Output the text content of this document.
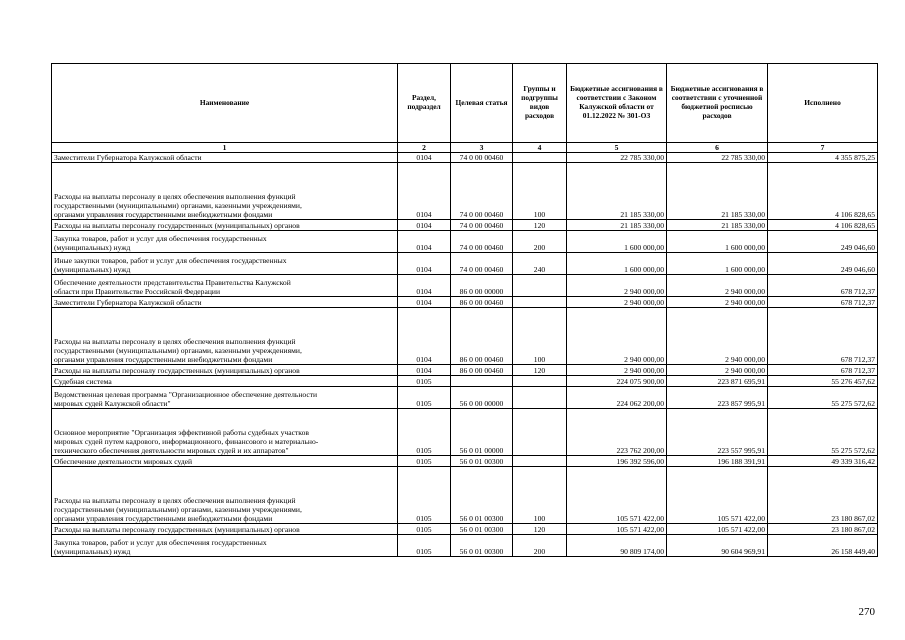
Наименование	Раздел, подраздел	Целевая статья	Группы и подгруппы видов расходов	Бюджетные ассигнования в соответствии с Законом Калужской области от 01.12.2022 № 301-ОЗ	Бюджетные ассигнования в соответствии с уточненной бюджетной росписью расходов	Исполнено
1	2	3	4	5	6	7
Заместители Губернатора Калужской области	0104	74 0 00 00460		22 785 330,00	22 785 330,00	4 355 875,25
Расходы на выплаты персоналу в целях обеспечения выполнения функций
государственными (муниципальными) органами, казенными учреждениями,
органами управления государственными внебюджетными фондами	0104	74 0 00 00460	100	21 185 330,00	21 185 330,00	4 106 828,65
Расходы на выплаты персоналу государственных (муниципальных) органов	0104	74 0 00 00460	120	21 185 330,00	21 185 330,00	4 106 828,65
Закупка товаров, работ и услуг для обеспечения государственных
(муниципальных) нужд	0104	74 0 00 00460	200	1 600 000,00	1 600 000,00	249 046,60
Иные закупки товаров, работ и услуг для обеспечения государственных
(муниципальных) нужд	0104	74 0 00 00460	240	1 600 000,00	1 600 000,00	249 046,60
Обеспечение деятельности представительства Правительства Калужской
области при Правительстве Российской Федерации	0104	86 0 00 00000		2 940 000,00	2 940 000,00	678 712,37
Заместители Губернатора Калужской области	0104	86 0 00 00460		2 940 000,00	2 940 000,00	678 712,37
Расходы на выплаты персоналу в целях обеспечения выполнения функций
государственными (муниципальными) органами, казенными учреждениями,
органами управления государственными внебюджетными фондами	0104	86 0 00 00460	100	2 940 000,00	2 940 000,00	678 712,37
Расходы на выплаты персоналу государственных (муниципальных) органов	0104	86 0 00 00460	120	2 940 000,00	2 940 000,00	678 712,37
Судебная система	0105			224 075 900,00	223 871 695,91	55 276 457,62
Ведомственная целевая программа "Организационное обеспечение деятельности
мировых судей Калужской области"	0105	56 0 00 00000		224 062 200,00	223 857 995,91	55 275 572,62
Основное мероприятие "Организация эффективной работы судебных участков
мировых судей путем кадрового, информационного, финансового и материально-
технического обеспечения деятельности мировых судей и их аппаратов"	0105	56 0 01 00000		223 762 200,00	223 557 995,91	55 275 572,62
Обеспечение деятельности мировых судей	0105	56 0 01 00300		196 392 596,00	196 188 391,91	49 339 316,42
Расходы на выплаты персоналу в целях обеспечения выполнения функций
государственными (муниципальными) органами, казенными учреждениями,
органами управления государственными внебюджетными фондами	0105	56 0 01 00300	100	105 571 422,00	105 571 422,00	23 180 867,02
Расходы на выплаты персоналу государственных (муниципальных) органов	0105	56 0 01 00300	120	105 571 422,00	105 571 422,00	23 180 867,02
Закупка товаров, работ и услуг для обеспечения государственных
(муниципальных) нужд	0105	56 0 01 00300	200	90 809 174,00	90 604 969,91	26 158 449,40
270
